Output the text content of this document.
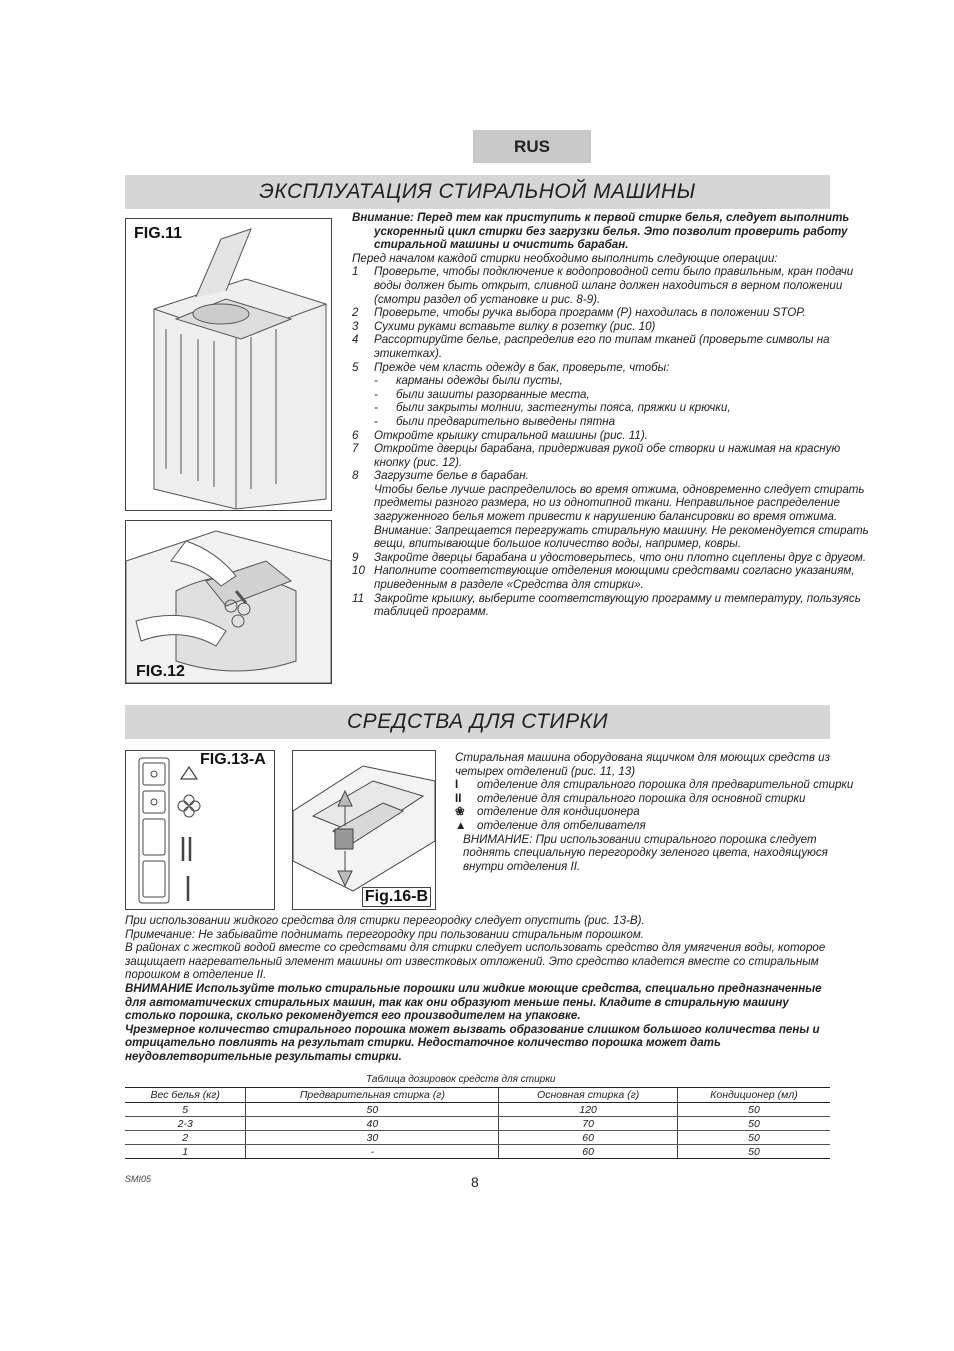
RUS
ЭКСПЛУАТАЦИЯ СТИРАЛЬНОЙ МАШИНЫ
FIG.11
FIG.12

Внимание: Перед тем как приступить к первой стирке белья, следует выполнить ускоренный цикл стирки без загрузки белья. Это позволит проверить работу стиральной машины и очистить барабан.

Перед началом каждой стирки необходимо выполнить следующие операции:

1	Проверьте, чтобы подключение к водопроводной сети было правильным, кран подачи воды должен быть открыт, сливной шланг должен находиться в верном положении (смотри раздел об установке и рис. 8-9).
2	Проверьте, чтобы ручка выбора программ (P) находилась в положении STOP.
3	Сухими руками вставьте вилку в розетку (рис. 10)
4	Рассортируйте белье, распределив его по типам тканей (проверьте символы на этикетках).
5	Прежде чем класть одежду в бак, проверьте, чтобы:
-	карманы одежды были пусты,
-	были зашиты разорванные места,
-	были закрыты молнии, застегнуты пояса, пряжки и крючки,
-	были предварительно выведены пятна
6	Откройте крышку стиральной машины (рис. 11).
7	Откройте дверцы барабана, придерживая рукой обе створки и нажимая на красную кнопку (рис. 12).
8	Загрузите белье в барабан.

Чтобы белье лучше распределилось во время отжима, одновременно следует стирать предметы разного размера, но из однотипной ткани. Неправильное распределение загруженного белья может привести к нарушению балансировки во время отжима.

Внимание: Запрещается перегружать стиральную машину. Не рекомендуется стирать вещи, впитывающие большое количество воды, например, ковры.

9	Закройте дверцы барабана и удостоверьтесь, что они плотно сцеплены друг с другом.
10 Наполните соответствующие отделения моющими средствами согласно указаниям, приведенным в разделе «Средства для стирки».
11 Закройте крышку, выберите соответствующую программу и температуру, пользуясь таблицей программ.
СРЕДСТВА ДЛЯ СТИРКИ
FIG.13-A
Fig.16-B

Стиральная машина оборудована ящичком для моющих средств из четырех отделений (рис. 11, 13)

I	отделение для стирального порошка для предварительной стирки
II	отделение для стирального порошка для основной стирки
❀	отделение для кондиционера
▲ отделение для отбеливателя

ВНИМАНИЕ: При использовании стирального порошка следует поднять специальную перегородку зеленого цвета, находящуюся внутри отделения II.

При использовании жидкого средства для стирки перегородку следует опустить (рис. 13-B).

Примечание: Не забывайте поднимать перегородку при пользовании стиральным порошком.

В районах с жесткой водой вместе со средствами для стирки следует использовать средство для умягчения воды, которое защищает нагревательный элемент машины от известковых отложений. Это средство кладется вместе со стиральным порошком в отделение II.

ВНИМАНИЕ Используйте только стиральные порошки или жидкие моющие средства, специально предназначенные для автоматических стиральных машин, так как они образуют меньше пены. Кладите в стиральную машину столько порошка, сколько рекомендуется его производителем на упаковке.

Чрезмерное количество стирального порошка может вызвать образование слишком большого количества пены и отрицательно повлиять на результат стирки. Недостаточное количество порошка может дать неудовлетворительные результаты стирки.

Таблица дозировок средств для стирки
Вес белья (кг)	Предварительная стирка (г)	Основная стирка (г)	Кондиционер (мл)
5	50	120	50
2-3	40	70	50
2	30	60	50
1	-	60	50
SMI05	8
